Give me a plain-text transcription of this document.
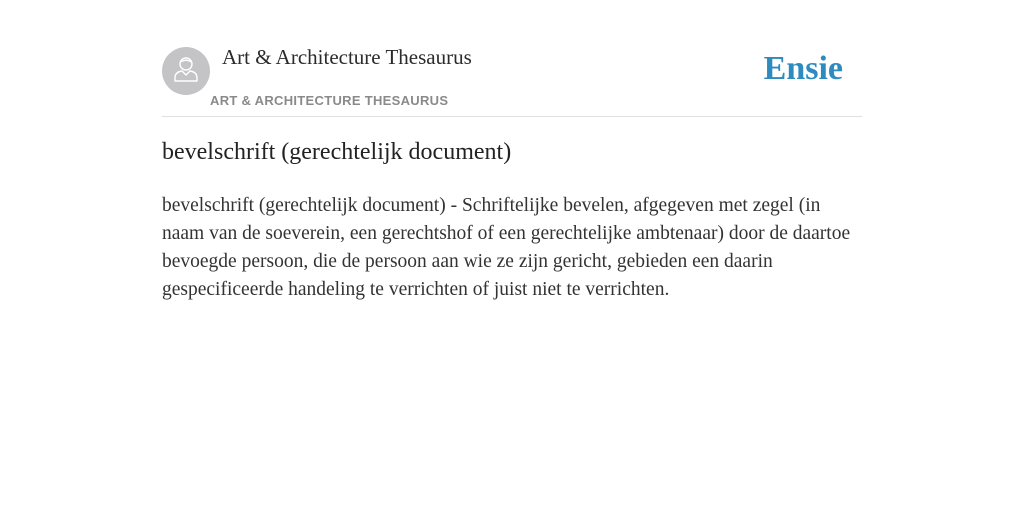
Art & Architecture Thesaurus
ART & ARCHITECTURE THESAURUS
Ensie
bevelschrift (gerechtelijk document)

bevelschrift (gerechtelijk document) - Schriftelijke bevelen, afgegeven met zegel (in naam van de soeverein, een gerechtshof of een gerechtelijke ambtenaar) door de daartoe bevoegde persoon, die de persoon aan wie ze zijn gericht, gebieden een daarin gespecificeerde handeling te verrichten of juist niet te verrichten.
